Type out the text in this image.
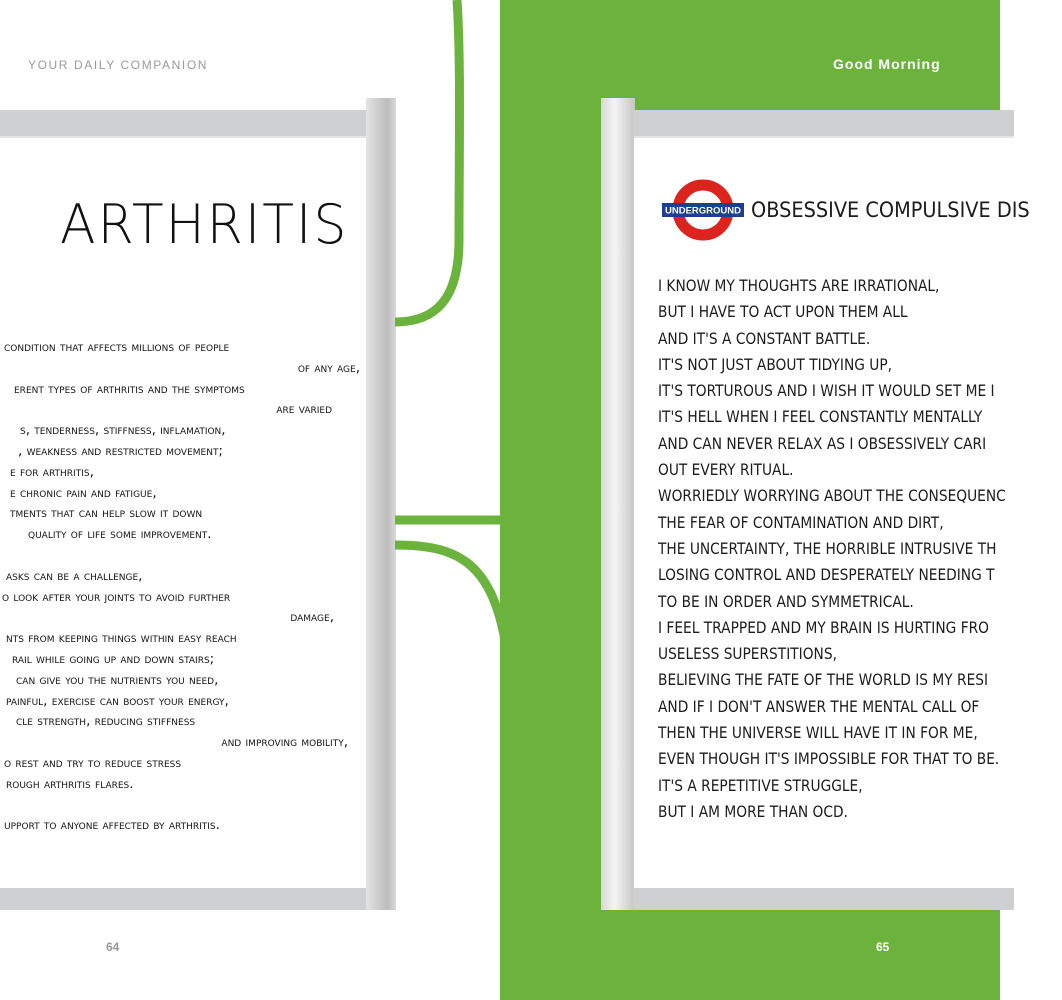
YOUR DAILY COMPANION
ARTHRITIS
condition that affects millions of people
of any age,
erent types of arthritis and the symptoms
are varied
s, tenderness, stiffness, inflamation,
, weakness and restricted movement;
e for arthritis,
e chronic pain and fatigue,
tments that can help slow it down
quality of life some improvement.
asks can be a challenge,
o look after your joints to avoid further
damage,
nts from keeping things within easy reach
rail while going up and down stairs;
can give you the nutrients you need,
painful, exercise can boost your energy,
cle strength, reducing stiffness
and improving mobility,
o rest and try to reduce stress
rough arthritis flares.
upport to anyone affected by arthritis.
64
Good Morning
65
UNDERGROUND OBSESSIVE COMPULSIVE DIS
I KNOW MY THOUGHTS ARE IRRATIONAL,
BUT I HAVE TO ACT UPON THEM ALL
AND IT'S A CONSTANT BATTLE.
IT'S NOT JUST ABOUT TIDYING UP,
IT'S TORTUROUS AND I WISH IT WOULD SET ME I
IT'S HELL WHEN I FEEL CONSTANTLY MENTALLY
AND CAN NEVER RELAX AS I OBSESSIVELY CARI
OUT EVERY RITUAL.
WORRIEDLY WORRYING ABOUT THE CONSEQUENC
THE FEAR OF CONTAMINATION AND DIRT,
THE UNCERTAINTY, THE HORRIBLE INTRUSIVE TH
LOSING CONTROL AND DESPERATELY NEEDING T
TO BE IN ORDER AND SYMMETRICAL.
I FEEL TRAPPED AND MY BRAIN IS HURTING FRO
USELESS SUPERSTITIONS,
BELIEVING THE FATE OF THE WORLD IS MY RESI
AND IF I DON'T ANSWER THE MENTAL CALL OF
THEN THE UNIVERSE WILL HAVE IT IN FOR ME,
EVEN THOUGH IT'S IMPOSSIBLE FOR THAT TO BE.
IT'S A REPETITIVE STRUGGLE,
BUT I AM MORE THAN OCD.
